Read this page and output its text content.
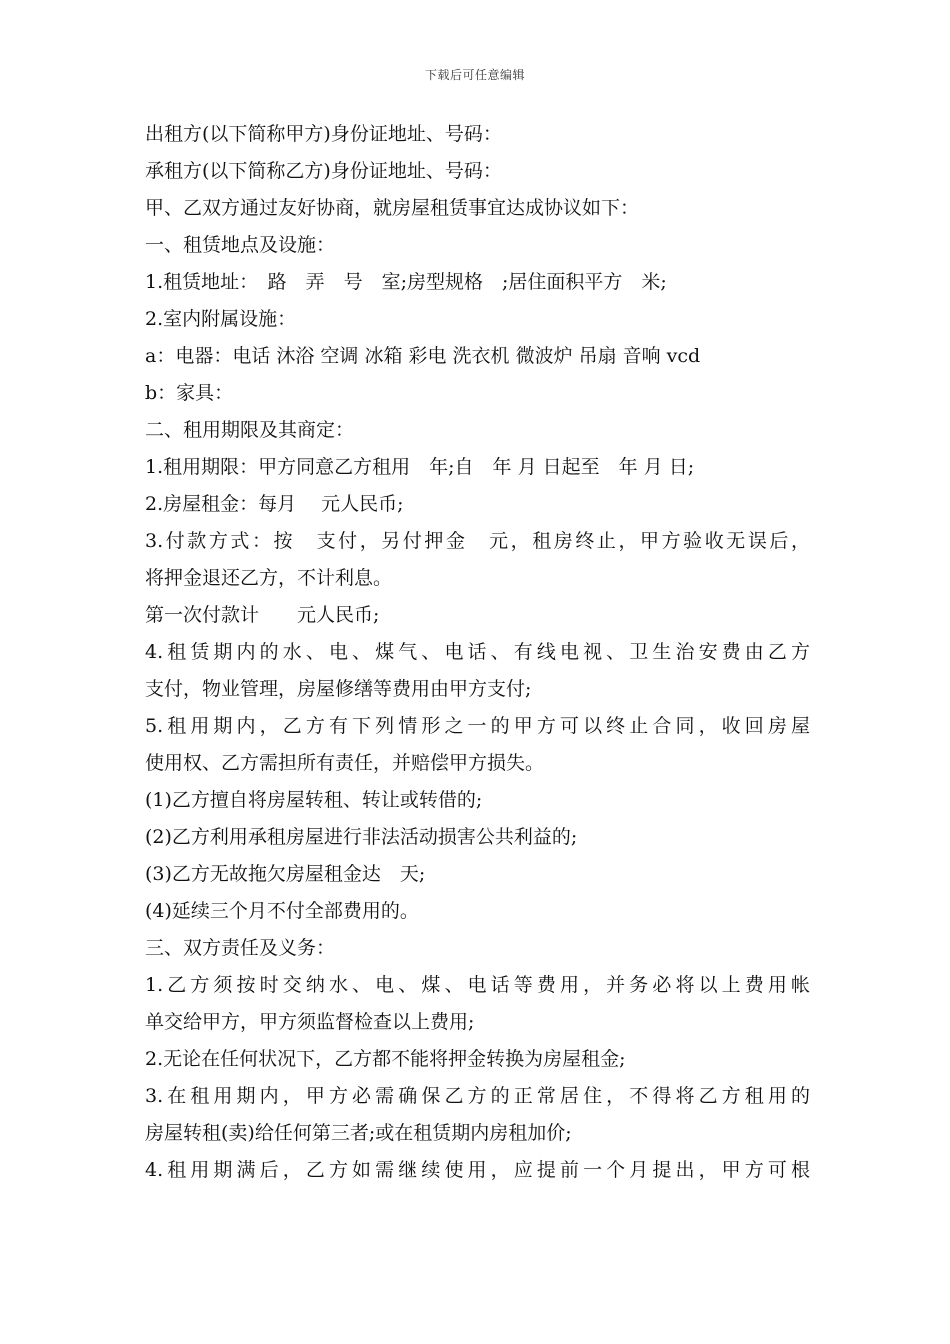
下载后可任意编辑
出租方(以下简称甲方)身份证地址、号码：
承租方(以下简称乙方)身份证地址、号码：
甲、乙双方通过友好协商，就房屋租赁事宜达成协议如下：
一、租赁地点及设施：
1.租赁地址：　路　弄　号　室;房型规格　;居住面积平方　米;
2.室内附属设施：
a：电器：电话 沐浴 空调 冰箱 彩电 洗衣机 微波炉 吊扇 音响 vcd
b：家具：
二、租用期限及其商定：
1.租用期限：甲方同意乙方租用　年;自　年 月 日起至　年 月 日;
2.房屋租金：每月　 元人民币;
3.付款方式：按　支付，另付押金　元，租房终止，甲方验收无误后，
将押金退还乙方，不计利息。
第一次付款计　　元人民币;
4.租赁期内的水、电、煤气、电话、有线电视、卫生治安费由乙方
支付，物业管理，房屋修缮等费用由甲方支付;
5.租用期内，乙方有下列情形之一的甲方可以终止合同，收回房屋
使用权、乙方需担所有责任，并赔偿甲方损失。
(1)乙方擅自将房屋转租、转让或转借的;
(2)乙方利用承租房屋进行非法活动损害公共利益的;
(3)乙方无故拖欠房屋租金达　天;
(4)延续三个月不付全部费用的。
三、双方责任及义务：
1.乙方须按时交纳水、电、煤、电话等费用，并务必将以上费用帐
单交给甲方，甲方须监督检查以上费用;
2.无论在任何状况下，乙方都不能将押金转换为房屋租金;
3.在租用期内，甲方必需确保乙方的正常居住，不得将乙方租用的
房屋转租(卖)给任何第三者;或在租赁期内房租加价;
4.租用期满后，乙方如需继续使用，应提前一个月提出，甲方可根
